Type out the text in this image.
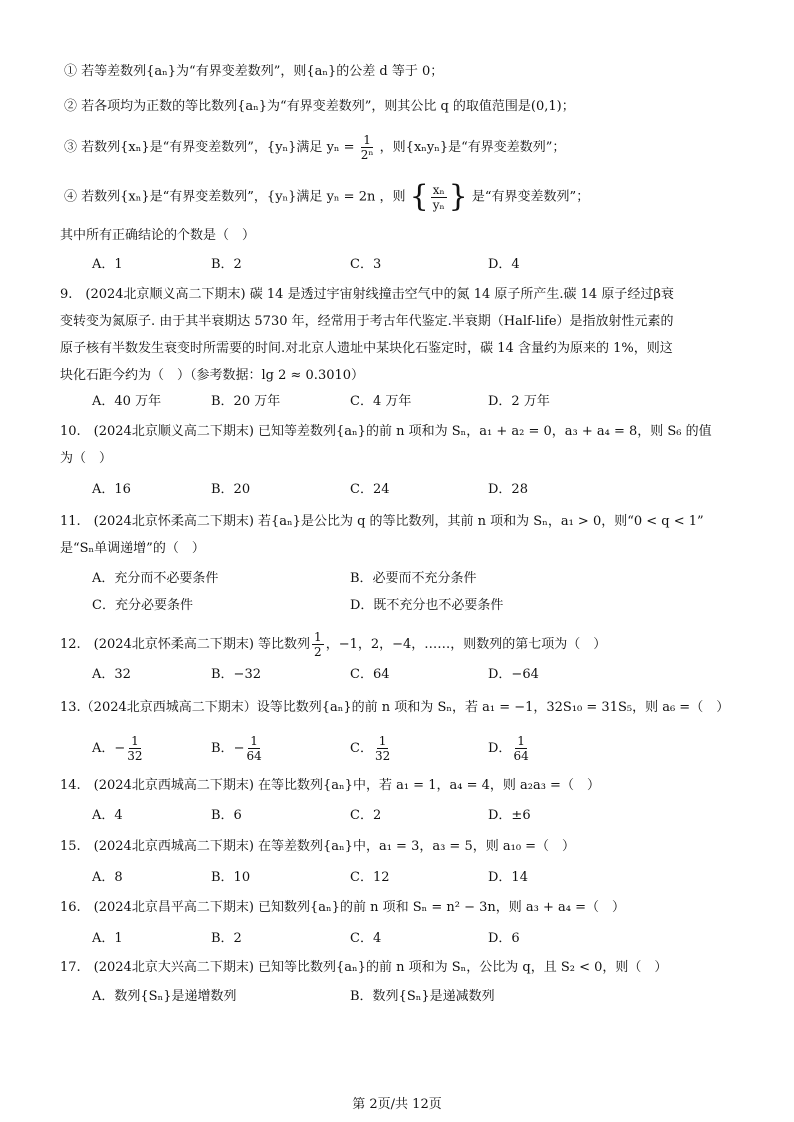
① 若等差数列{aₙ}为“有界变差数列”，则{aₙ}的公差 d 等于 0；
② 若各项均为正数的等比数列{aₙ}为“有界变差数列”，则其公比 q 的取值范围是(0,1)；
③ 若数列{xₙ}是“有界变差数列”，{yₙ}满足 $y_n = \frac{1}{\text{2ⁿ}}$ ，则{xₙyₙ}是“有界变差数列”；
④ 若数列{xₙ}是“有界变差数列”，{yₙ}满足 yₙ = 2n ，则 { $\frac{\text{xₙ}}{\text{yₙ}}$ } 是“有界变差数列”；
其中所有正确结论的个数是（　）
A．1	B．2	C．3	D．4
9.　(2024北京顺义高二下期末) 碳 14 是透过宇宙射线撞击空气中的氮 14 原子所产生.碳 14 原子经过β衰
变转变为氮原子. 由于其半衰期达 5730 年，经常用于考古年代鉴定.半衰期（Half-life）是指放射性元素的
原子核有半数发生衰变时所需要的时间.对北京人遗址中某块化石鉴定时，碳 14 含量约为原来的 1%，则这
块化石距今约为（　）（参考数据：lg 2 ≈ 0.3010）
A．40 万年	B．20 万年	C．4 万年	D．2 万年
10.　(2024北京顺义高二下期末) 已知等差数列{aₙ}的前 n 项和为 Sₙ，a₁ + a₂ = 0，a₃ + a₄ = 8，则 S₆ 的值
为（　）
A．16	B．20	C．24	D．28
11.　(2024北京怀柔高二下期末) 若{aₙ}是公比为 q 的等比数列，其前 n 项和为 Sₙ，a₁ > 0，则“0 < q < 1”
是“Sₙ单调递增”的（　）
A．充分而不必要条件	B．必要而不充分条件
C．充分必要条件	D．既不充分也不必要条件
12.　(2024北京怀柔高二下期末) 等比数列 $\frac{1}{2}$ ，−1，2，−4，……，则数列的第七项为（　）
A．32	B．−32	C．64	D．−64
13.（2024北京西城高二下期末）设等比数列{aₙ}的前 n 项和为 Sₙ，若 a₁ = −1，32S₁₀ = 31S₅，则 a₆ =（　）
A．− $\frac{1}{32}$	B．− $\frac{1}{64}$	C． $\frac{1}{32}$	D． $\frac{1}{64}$
14.　(2024北京西城高二下期末) 在等比数列{aₙ}中，若 a₁ = 1，a₄ = 4，则 a₂a₃ =（　）
A．4	B．6	C．2	D．±6
15.　(2024北京西城高二下期末) 在等差数列{aₙ}中，a₁ = 3，a₃ = 5，则 a₁₀ =（　）
A．8	B．10	C．12	D．14
16.　(2024北京昌平高二下期末) 已知数列{aₙ}的前 n 项和 Sₙ = n² − 3n，则 a₃ + a₄ =（　）
A．1	B．2	C．4	D．6
17.　(2024北京大兴高二下期末) 已知等比数列{aₙ}的前 n 项和为 Sₙ，公比为 q，且 S₂ < 0，则（　）
A．数列{Sₙ}是递增数列	B．数列{Sₙ}是递减数列
第 2页/共 12页
